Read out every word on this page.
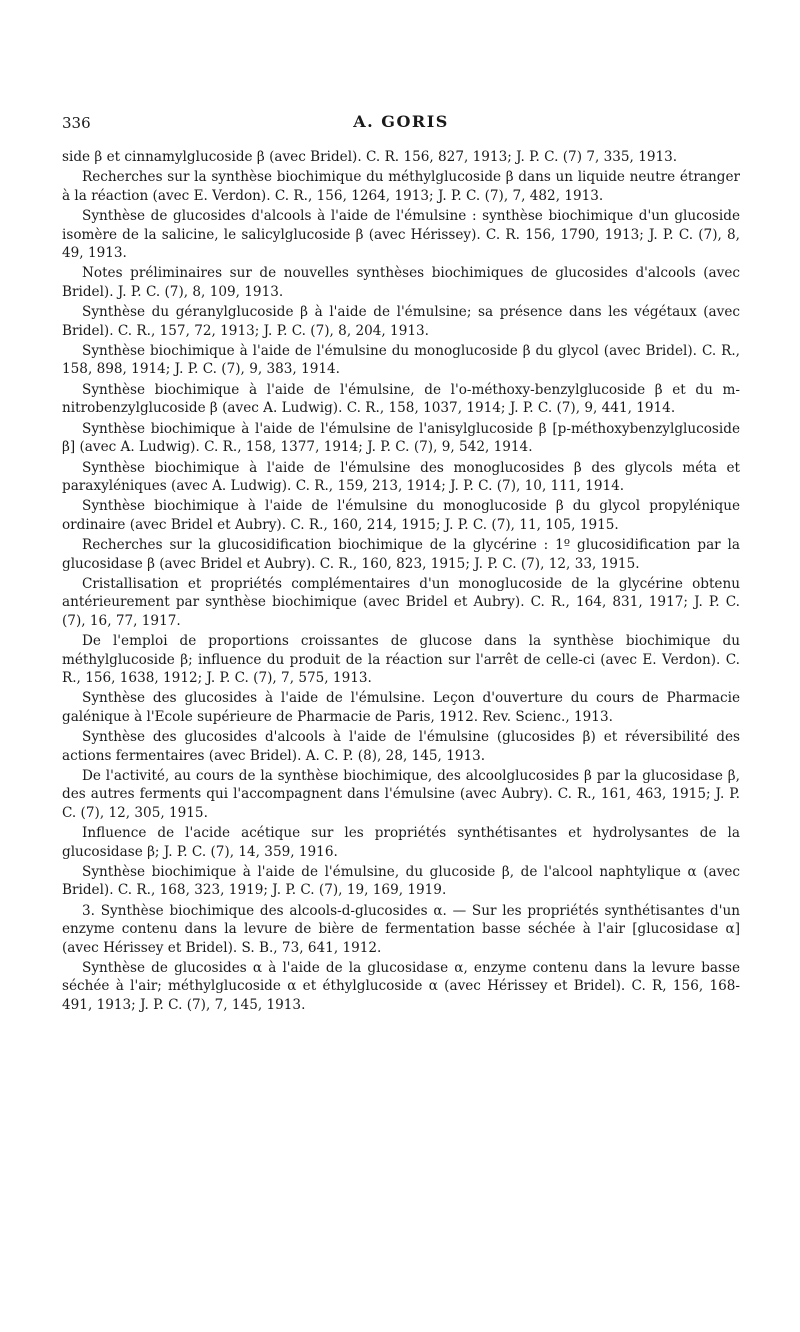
336	A. GORIS

side β et cinnamylglucoside β (avec Bridel). C. R. 156, 827, 1913; J. P. C. (7) 7, 335, 1913.

Recherches sur la synthèse biochimique du méthylglucoside β dans un liquide neutre étranger à la réaction (avec E. Verdon). C. R., 156, 1264, 1913; J. P. C. (7), 7, 482, 1913.

Synthèse de glucosides d'alcools à l'aide de l'émulsine : synthèse biochimique d'un glucoside isomère de la salicine, le salicylglucoside β (avec Hérissey). C. R. 156, 1790, 1913; J. P. C. (7), 8, 49, 1913.

Notes préliminaires sur de nouvelles synthèses biochimiques de glucosides d'alcools (avec Bridel). J. P. C. (7), 8, 109, 1913.

Synthèse du géranylglucoside β à l'aide de l'émulsine; sa présence dans les végétaux (avec Bridel). C. R., 157, 72, 1913; J. P. C. (7), 8, 204, 1913.

Synthèse biochimique à l'aide de l'émulsine du monoglucoside β du glycol (avec Bridel). C. R., 158, 898, 1914; J. P. C. (7), 9, 383, 1914.

Synthèse biochimique à l'aide de l'émulsine, de l'o-méthoxy-benzylglucoside β et du m-nitrobenzylglucoside β (avec A. Ludwig). C. R., 158, 1037, 1914; J. P. C. (7), 9, 441, 1914.

Synthèse biochimique à l'aide de l'émulsine de l'anisylglucoside β [p-méthoxybenzylglucoside β] (avec A. Ludwig). C. R., 158, 1377, 1914; J. P. C. (7), 9, 542, 1914.

Synthèse biochimique à l'aide de l'émulsine des monoglucosides β des glycols méta et paraxyléniques (avec A. Ludwig). C. R., 159, 213, 1914; J. P. C. (7), 10, 111, 1914.

Synthèse biochimique à l'aide de l'émulsine du monoglucoside β du glycol propylénique ordinaire (avec Bridel et Aubry). C. R., 160, 214, 1915; J. P. C. (7), 11, 105, 1915.

Recherches sur la glucosidification biochimique de la glycérine : 1º glucosidification par la glucosidase β (avec Bridel et Aubry). C. R., 160, 823, 1915; J. P. C. (7), 12, 33, 1915.

Cristallisation et propriétés complémentaires d'un monoglucoside de la glycérine obtenu antérieurement par synthèse biochimique (avec Bridel et Aubry). C. R., 164, 831, 1917; J. P. C. (7), 16, 77, 1917.

De l'emploi de proportions croissantes de glucose dans la synthèse biochimique du méthylglucoside β; influence du produit de la réaction sur l'arrêt de celle-ci (avec E. Verdon). C. R., 156, 1638, 1912; J. P. C. (7), 7, 575, 1913.

Synthèse des glucosides à l'aide de l'émulsine. Leçon d'ouverture du cours de Pharmacie galénique à l'Ecole supérieure de Pharmacie de Paris, 1912. Rev. Scienc., 1913.

Synthèse des glucosides d'alcools à l'aide de l'émulsine (glucosides β) et réversibilité des actions fermentaires (avec Bridel). A. C. P. (8), 28, 145, 1913.

De l'activité, au cours de la synthèse biochimique, des alcoolglucosides β par la glucosidase β, des autres ferments qui l'accompagnent dans l'émulsine (avec Aubry). C. R., 161, 463, 1915; J. P. C. (7), 12, 305, 1915.

Influence de l'acide acétique sur les propriétés synthétisantes et hydrolysantes de la glucosidase β; J. P. C. (7), 14, 359, 1916.

Synthèse biochimique à l'aide de l'émulsine, du glucoside β, de l'alcool naphtylique α (avec Bridel). C. R., 168, 323, 1919; J. P. C. (7), 19, 169, 1919.

3. Synthèse biochimique des alcools-d-glucosides α. — Sur les propriétés synthétisantes d'un enzyme contenu dans la levure de bière de fermentation basse séchée à l'air [glucosidase α] (avec Hérissey et Bridel). S. B., 73, 641, 1912.

Synthèse de glucosides α à l'aide de la glucosidase α, enzyme contenu dans la levure basse séchée à l'air; méthylglucoside α et éthylglucoside α (avec Hérissey et Bridel). C. R, 156, 168-491, 1913; J. P. C. (7), 7, 145, 1913.
